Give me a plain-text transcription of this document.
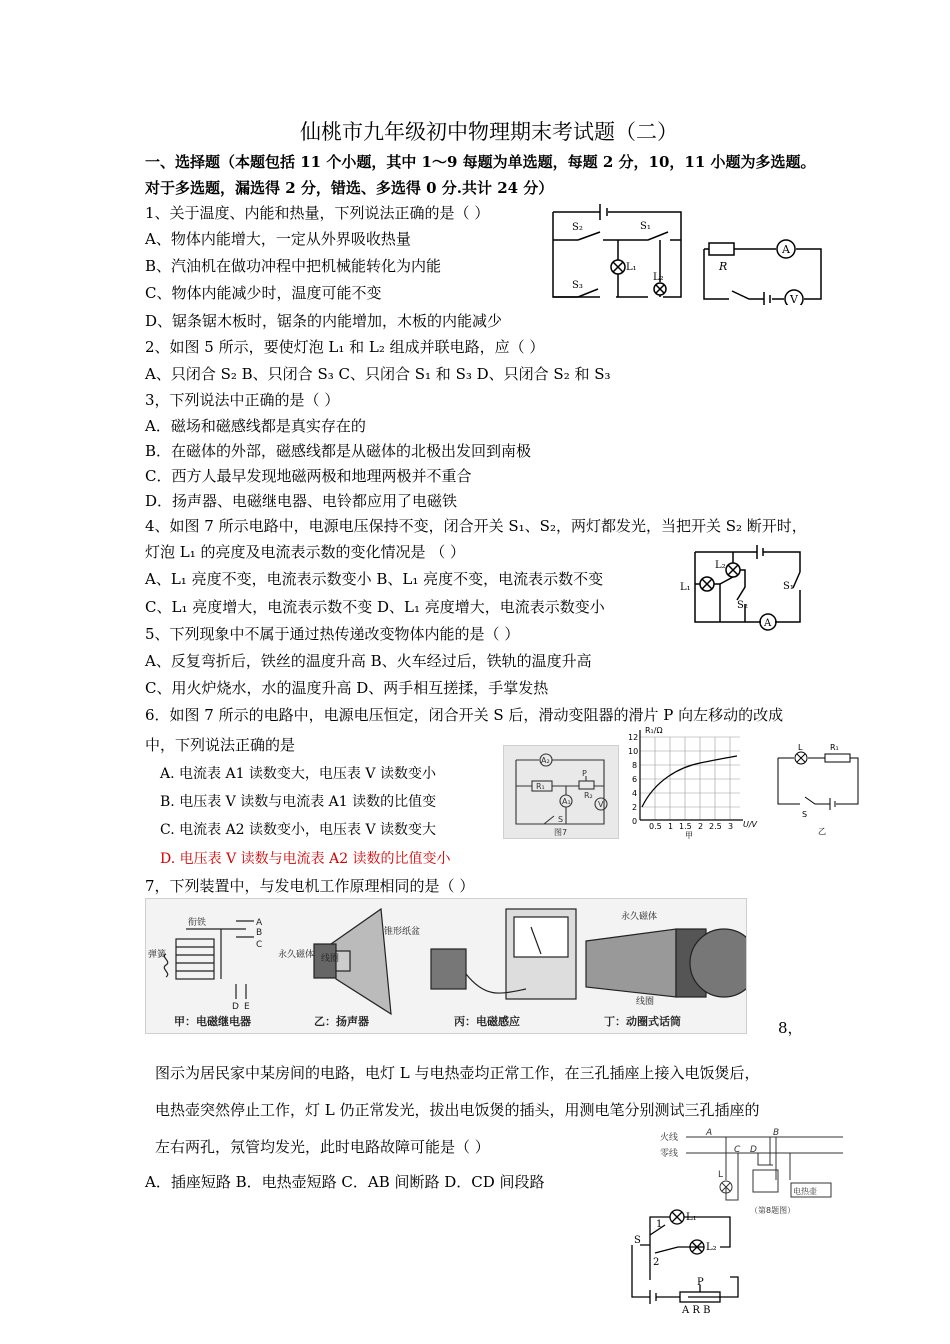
仙桃市九年级初中物理期末考试题（二）
一、选择题（本题包括 11 个小题，其中 1～9 每题为单选题，每题 2 分，10，11 小题为多选题。
对于多选题，漏选得 2 分，错选、多选得 0 分.共计 24 分）
1、关于温度、内能和热量，下列说法正确的是（ ）
A、物体内能增大，一定从外界吸收热量
B、汽油机在做功冲程中把机械能转化为内能
C、物体内能减少时，温度可能不变
D、锯条锯木板时，锯条的内能增加，木板的内能减少
S₂	S₁
L₁
S₃
L₂
R
A
V
2、如图 5 所示，要使灯泡 L₁ 和 L₂ 组成并联电路，应（ ）
A、只闭合 S₂ B、只闭合 S₃ C、只闭合 S₁ 和 S₃ D、只闭合 S₂ 和 S₃
3，下列说法中正确的是（ ）
A．磁场和磁感线都是真实存在的
B．在磁体的外部，磁感线都是从磁体的北极出发回到南极
C．西方人最早发现地磁两极和地理两极并不重合
D．扬声器、电磁继电器、电铃都应用了电磁铁
4、如图 7 所示电路中，电源电压保持不变，闭合开关 S₁、S₂，两灯都发光，当把开关 S₂ 断开时，
灯泡 L₁ 的亮度及电流表示数的变化情况是 （ ）
A、L₁ 亮度不变，电流表示数变小 B、L₁ 亮度不变，电流表示数不变
C、L₁ 亮度增大，电流表示数不变 D、L₁ 亮度增大，电流表示数变小
L₁
L₂
S₁
S₂
A
5、下列现象中不属于通过热传递改变物体内能的是（ ）
A、反复弯折后，铁丝的温度升高 B、火车经过后，铁轨的温度升高
C、用火炉烧水，水的温度升高 D、两手相互搓揉，手掌发热
6．如图 7 所示的电路中，电源电压恒定，闭合开关 S 后，滑动变阻器的滑片 P 向左移动的改成
中，下列说法正确的是
A. 电流表 A1 读数变大，电压表 V 读数变小
B. 电压表 V 读数与电流表 A1 读数的比值变
C. 电流表 A2 读数变小，电压表 V 读数变大
D. 电压表 V 读数与电流表 A2 读数的比值变小
A₂
R₁
P
R₂
A₁	V
S
图7
R₁/Ω
U/V
12
10
8
6
4
2
0
0.5 1 1.5 2 2.5 3
甲
L	R₁
S
乙
7，下列装置中，与发电机工作原理相同的是（ ）
衔铁
弹簧
A
B
C
D E
锥形纸盆
永久磁体 线圈
永久磁体
线圈
甲：电磁继电器	乙：扬声器	丙：电磁感应	丁：动圈式话筒	8，
图示为居民家中某房间的电路，电灯 L 与电热壶均正常工作，在三孔插座上接入电饭煲后，
电热壶突然停止工作，灯 L 仍正常发光，拔出电饭煲的插头，用测电笔分别测试三孔插座的
左右两孔，氖管均发光，此时电路故障可能是（ ）
A．插座短路 B．电热壶短路 C．AB 间断路 D．CD 间段路
火线
零线
A	B
C D
L
电热壶
（第8题图）
S
1
2
L₁
L₂
P
A R B
